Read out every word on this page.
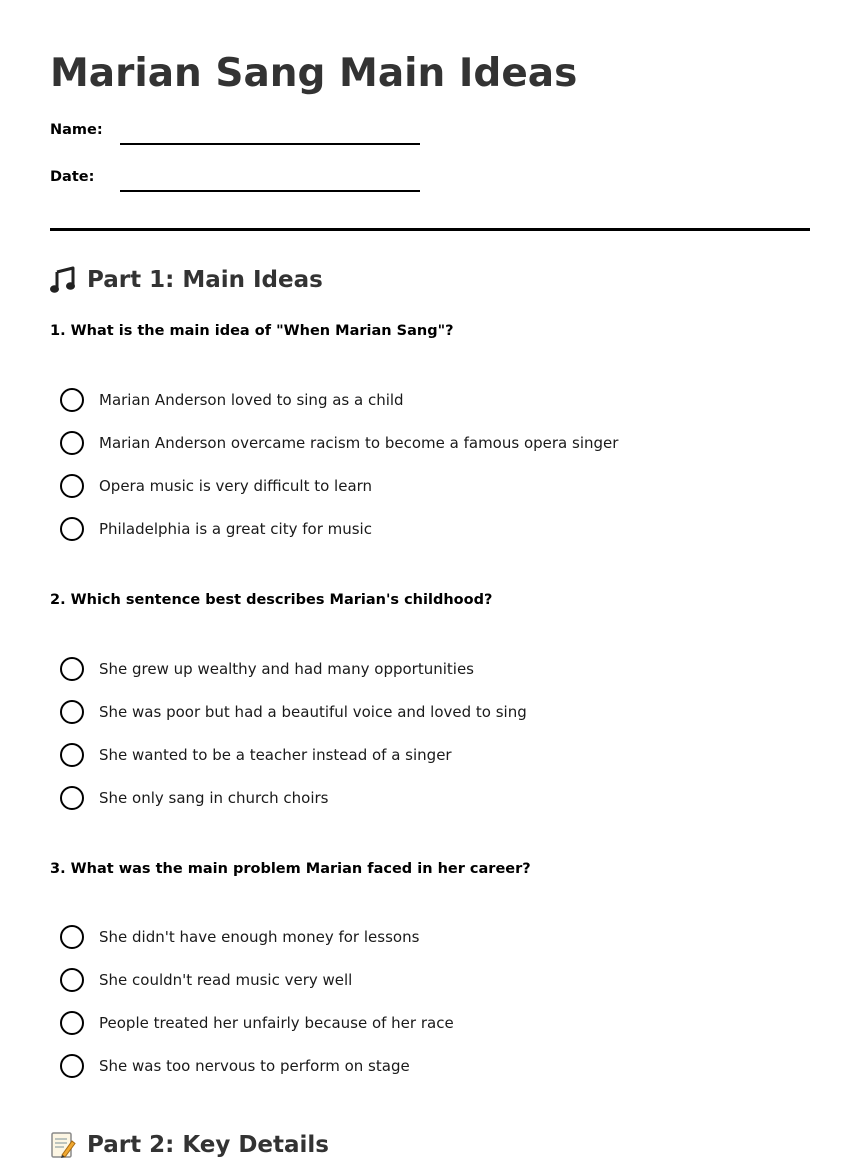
Marian Sang Main Ideas
Name:
Date:
Part 1: Main Ideas
1. What is the main idea of "When Marian Sang"?
Marian Anderson loved to sing as a child
Marian Anderson overcame racism to become a famous opera singer
Opera music is very difficult to learn
Philadelphia is a great city for music
2. Which sentence best describes Marian's childhood?
She grew up wealthy and had many opportunities
She was poor but had a beautiful voice and loved to sing
She wanted to be a teacher instead of a singer
She only sang in church choirs
3. What was the main problem Marian faced in her career?
She didn't have enough money for lessons
She couldn't read music very well
People treated her unfairly because of her race
She was too nervous to perform on stage
Part 2: Key Details
